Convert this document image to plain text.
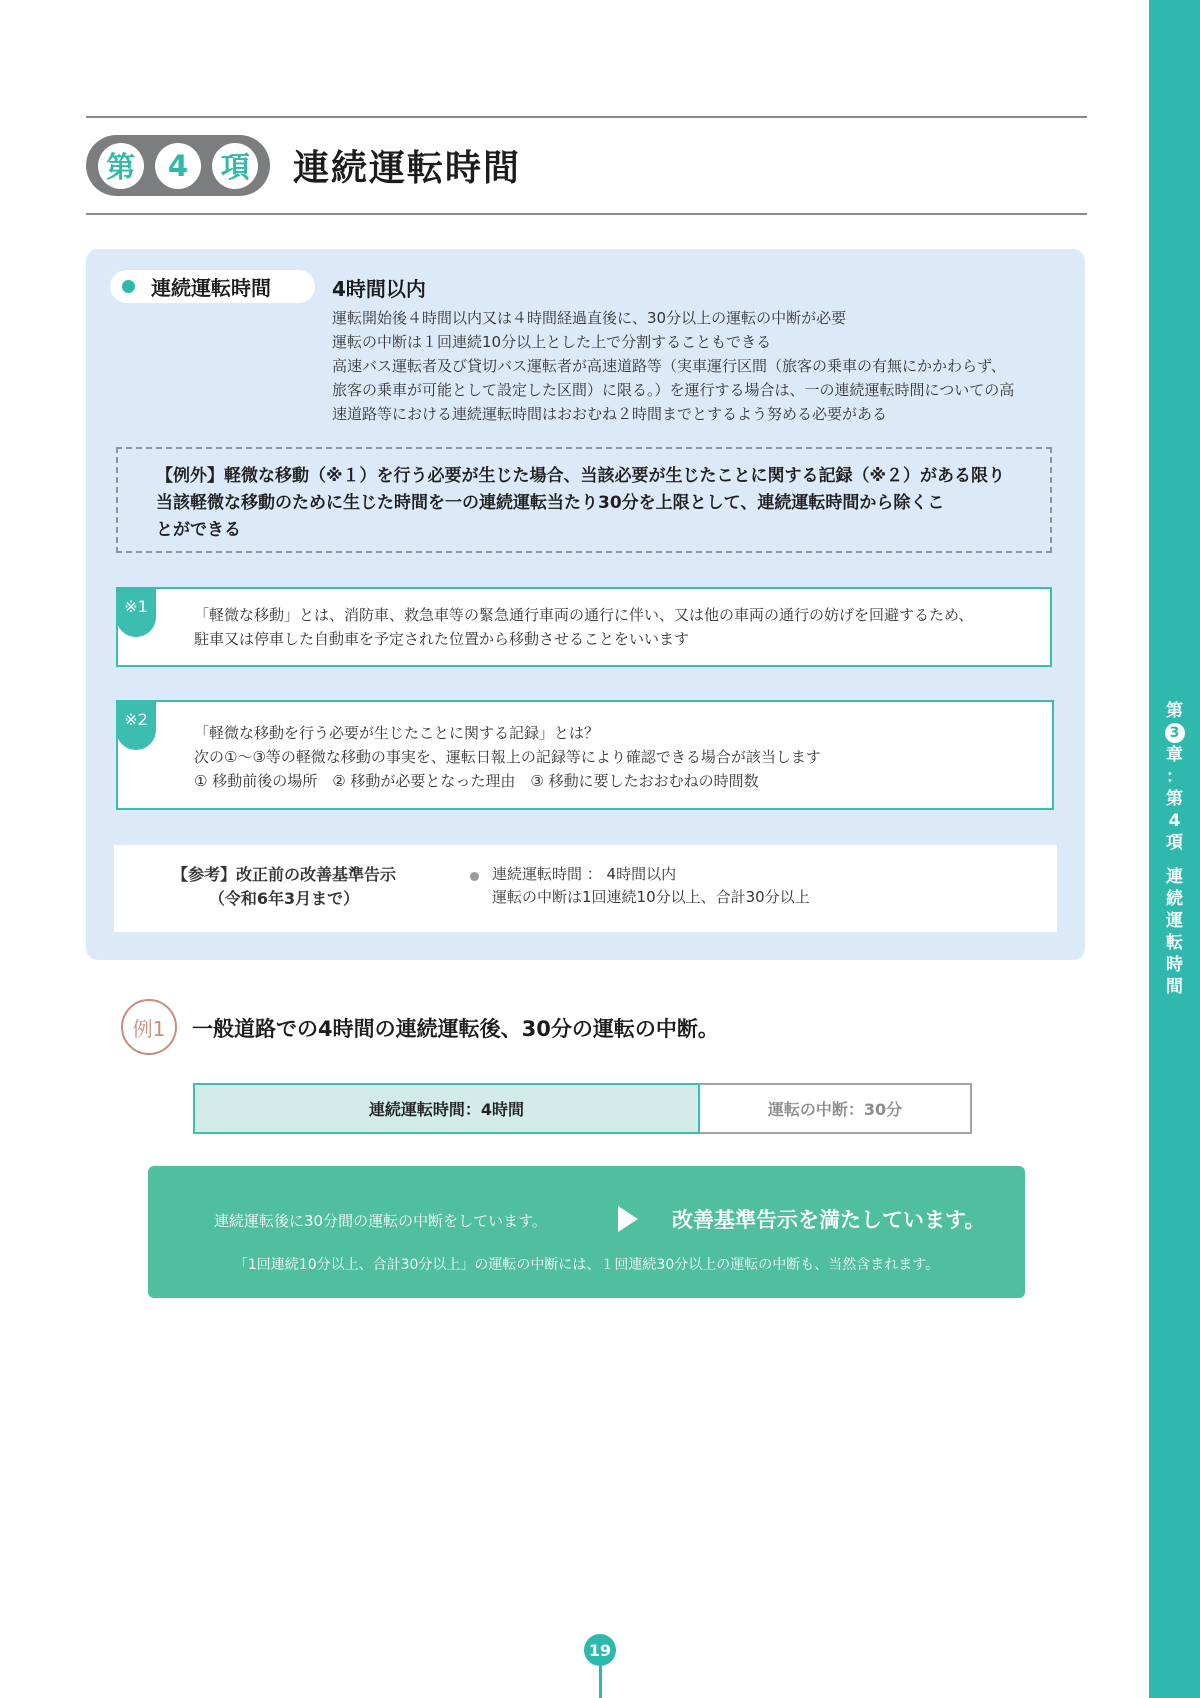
第	4	項 連続運転時間
連続運転時間	4時間以内
運転開始後４時間以内又は４時間経過直後に、30分以上の運転の中断が必要
運転の中断は１回連続10分以上とした上で分割することもできる
高速バス運転者及び貸切バス運転者が高速道路等（実車運行区間（旅客の乗車の有無にかかわらず、
旅客の乗車が可能として設定した区間）に限る。）を運行する場合は、一の連続運転時間についての高
速道路等における連続運転時間はおおむね２時間までとするよう努める必要がある
【例外】軽微な移動（※１）を行う必要が生じた場合、当該必要が生じたことに関する記録（※２）がある限り
当該軽微な移動のために生じた時間を一の連続運転当たり30分を上限として、連続運転時間から除くこ
とができる
※1	「軽微な移動」とは、消防車、救急車等の緊急通行車両の通行に伴い、又は他の車両の通行の妨げを回避するため、
駐車又は停車した自動車を予定された位置から移動させることをいいます
※2
「軽微な移動を行う必要が生じたことに関する記録」とは？
次の①～③等の軽微な移動の事実を、運転日報上の記録等により確認できる場合が該当します
① 移動前後の場所　② 移動が必要となった理由　③ 移動に要したおおむねの時間数
【参考】改正前の改善基準告示
（令和6年3月まで）
連続運転時間 ： 4時間以内
運転の中断は1回連続10分以上、合計30分以上
例1	一般道路での4時間の連続運転後、30分の運転の中断。
連続運転時間：4時間	運転の中断：30分
連続運転後に30分間の運転の中断をしています。	改善基準告示を満たしています。
「1回連続10分以上、合計30分以上」の運転の中断には、１回連続30分以上の運転の中断も、当然含まれます。
第
3
章
：
第
4
項
連
続
運
転
時
間
19
